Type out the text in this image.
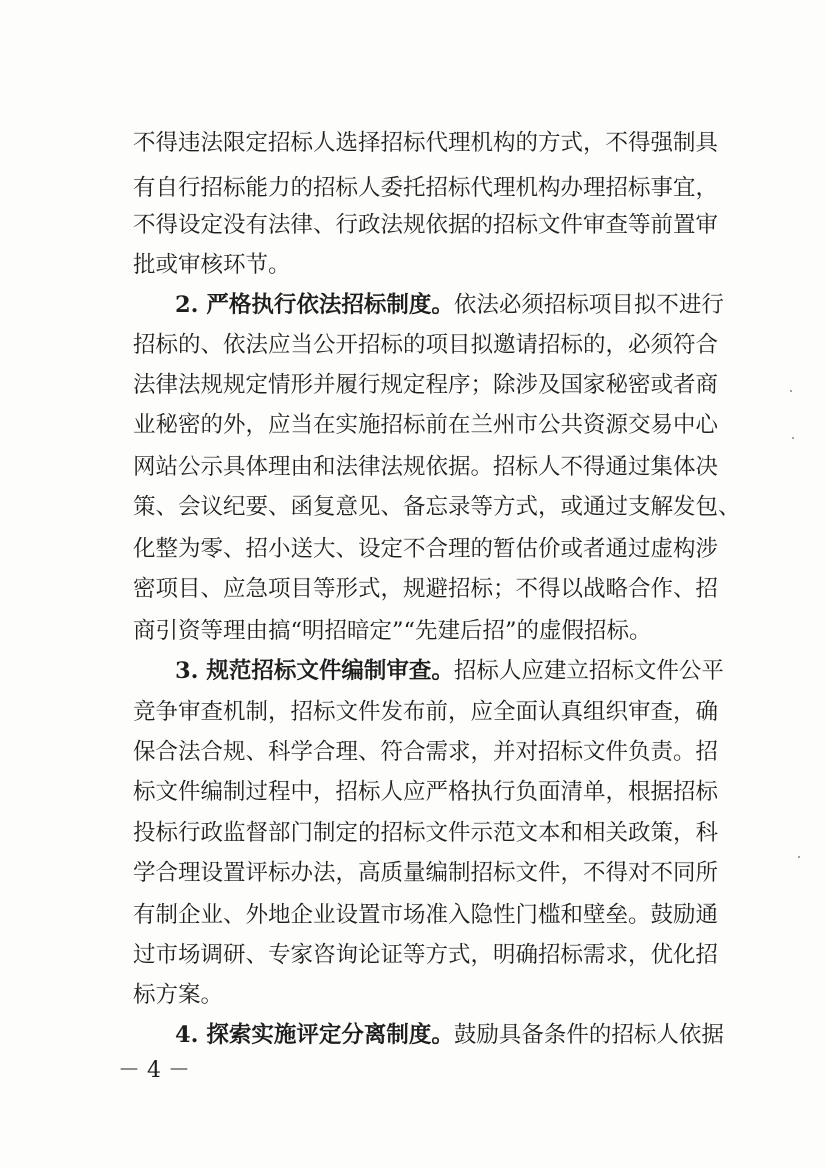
不得违法限定招标人选择招标代理机构的方式，不得强制具
有自行招标能力的招标人委托招标代理机构办理招标事宜，
不得设定没有法律、行政法规依据的招标文件审查等前置审
批或审核环节。
2. 严格执行依法招标制度。 依法必须招标项目拟不进行
招标的、依法应当公开招标的项目拟邀请招标的，必须符合
法律法规规定情形并履行规定程序；除涉及国家秘密或者商
业秘密的外，应当在实施招标前在兰州市公共资源交易中心
网站公示具体理由和法律法规依据。招标人不得通过集体决
策、会议纪要、函复意见、备忘录等方式，或通过支解发包、
化整为零、招小送大、设定不合理的暂估价或者通过虚构涉
密项目、应急项目等形式，规避招标；不得以战略合作、招
商引资等理由搞“明招暗定”“先建后招”的虚假招标。
3. 规范招标文件编制审查。 招标人应建立招标文件公平
竞争审查机制，招标文件发布前，应全面认真组织审查，确
保合法合规、科学合理、符合需求，并对招标文件负责。招
标文件编制过程中，招标人应严格执行负面清单，根据招标
投标行政监督部门制定的招标文件示范文本和相关政策，科
学合理设置评标办法，高质量编制招标文件，不得对不同所
有制企业、外地企业设置市场准入隐性门槛和壁垒。鼓励通
过市场调研、专家咨询论证等方式，明确招标需求，优化招
标方案。
4. 探索实施评定分离制度。 鼓励具备条件的招标人依据
－ 4 －
